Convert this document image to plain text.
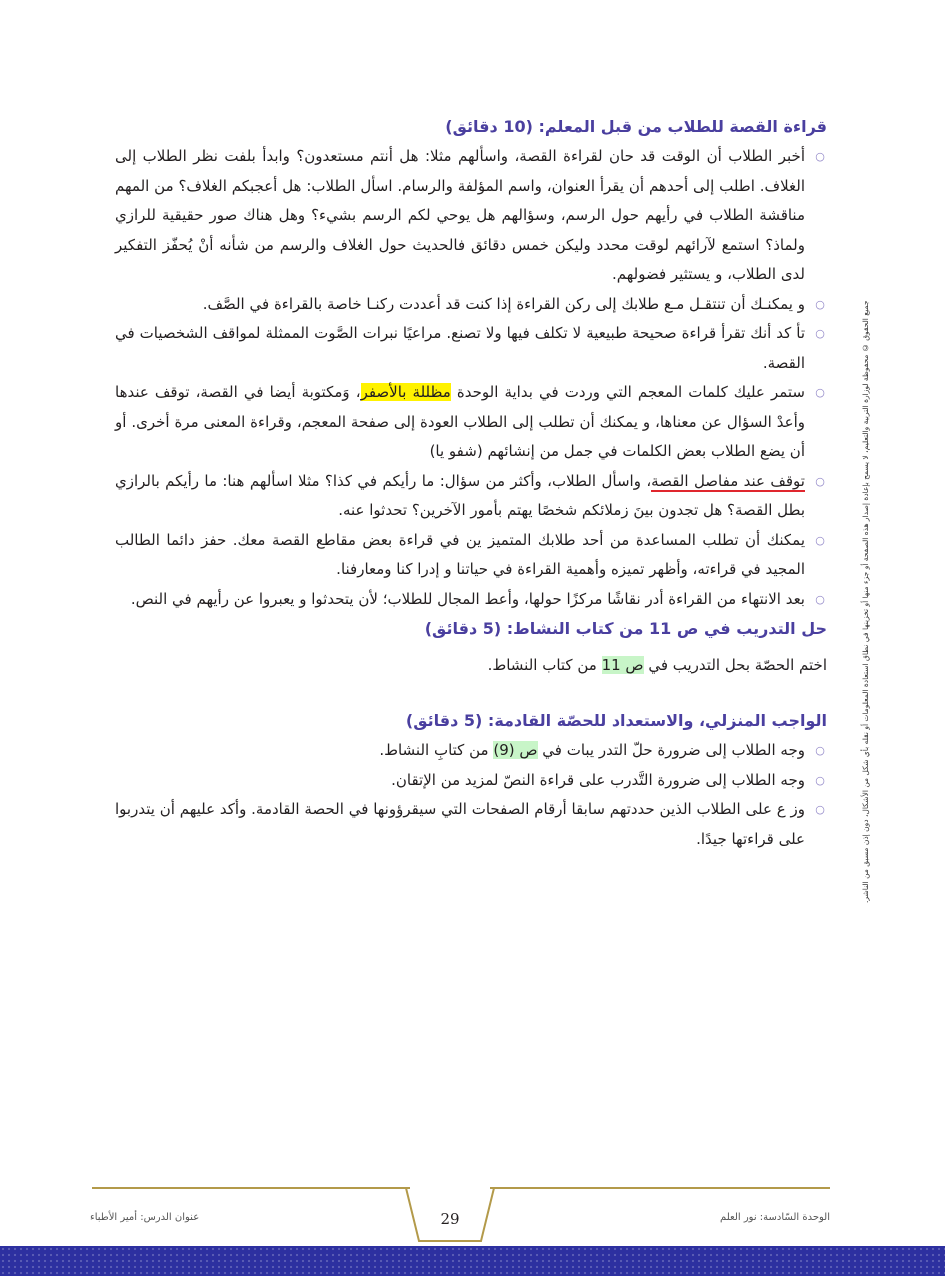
قراءة القصة للطلاب من قبل المعلم: (10 دقائق)
○
أخبر الطلاب أن الوقت قد حان لقراءة القصة، واسألهم مثلا: هل أنتم مستعدون؟ وابدأ بلفت نظر الطلاب إلى الغلاف. اطلب إلى أحدهم أن يقرأ العنوان، واسم المؤلفة والرسام. اسأل الطلاب: هل أعجبكم الغلاف؟ من المهم مناقشة الطلاب في رأيهم حول الرسم، وسؤالهم هل يوحي لكم الرسم بشيء؟ وهل هناك صور حقيقية للرازي ولماذ؟ استمع لآرائهم لوقت محدد وليكن خمس دقائق فالحديث حول الغلاف والرسم من شأنه أنْ يُحفّز التفكير لدى الطلاب، و يستثير فضولهم.
○
و يمكنـك أن تنتقـل مـع طلابك إلى ركن القراءة إذا كنت قد أعددت ركنـا خاصة بالقراءة في الصَّف.
○
تأ كد أنك تقرأ قراءة صحيحة طبيعية لا تكلف فيها ولا تصنع. مراعيًا نبرات الصَّوت الممثلة لمواقف الشخصيات في القصة.
○
ستمر عليك كلمات المعجم التي وردت في بداية الوحدة مظللة بالأصفر، وَمكتوبة أيضا في القصة، توقف عندها وأعدْ السؤال عن معناها، و يمكنك أن تطلب إلى الطلاب العودة إلى صفحة المعجم، وقراءة المعنى مرة أخرى. أو أن يضع الطلاب بعض الكلمات في جمل من إنشائهم (شفو يا)
○
توقف عند مفاصل القصة، واسأل الطلاب، وأكثر من سؤال: ما رأيكم في كذا؟ مثلا اسألهم هنا: ما رأيكم بالرازي بطل القصة؟ هل تجدون بينَ زملائكم شخصًا يهتم بأمور الآخرين؟ تحدثوا عنه.
○
يمكنك أن تطلب المساعدة من أحد طلابك المتميز ين في قراءة بعض مقاطع القصة معك. حفز دائما الطالب المجيد في قراءته، وأظهر تميزه وأهمية القراءة في حياتنا و إدرا كنا ومعارفنا.
○
بعد الانتهاء من القراءة أدر نقاشًا مركزًا حولها، وأعط المجال للطلاب؛ لأن يتحدثوا و يعبروا عن رأيهم في النص.
حل التدريب في ص 11 من كتاب النشاط: (5 دقائق)

اختم الحصّة بحل التدريب في ص 11 من كتاب النشاط.

الواجب المنزلي، والاستعداد للحصّة القادمة: (5 دقائق)
○
وجه الطلاب إلى ضرورة حلّ التدر يبات في ص (9) من كتابِ النشاط.
○
وجه الطلاب إلى ضرورة التَّدرب على قراءة النصّ لمزيد من الإتقان.
○
وز ع على الطلاب الذين حددتهم سابقا أرقام الصفحات التي سيقرؤونها في الحصة القادمة. وأكد عليهم أن يتدربوا على قراءتها جيدًا.	جميع الحقوق © محفوظة لوزارة التربية والتعليم، لا يسمح بإعادة إصدار هذه الصفحة أو جزء منها أو تخزينها في نطاق استعادة المعلومات أو نقله بأي شكل من الأشكال، دون إذن مسبق من الناشر.
29
عنوان الدرس: أمير الأطباء	الوحدة السّادسة: نور العلم
